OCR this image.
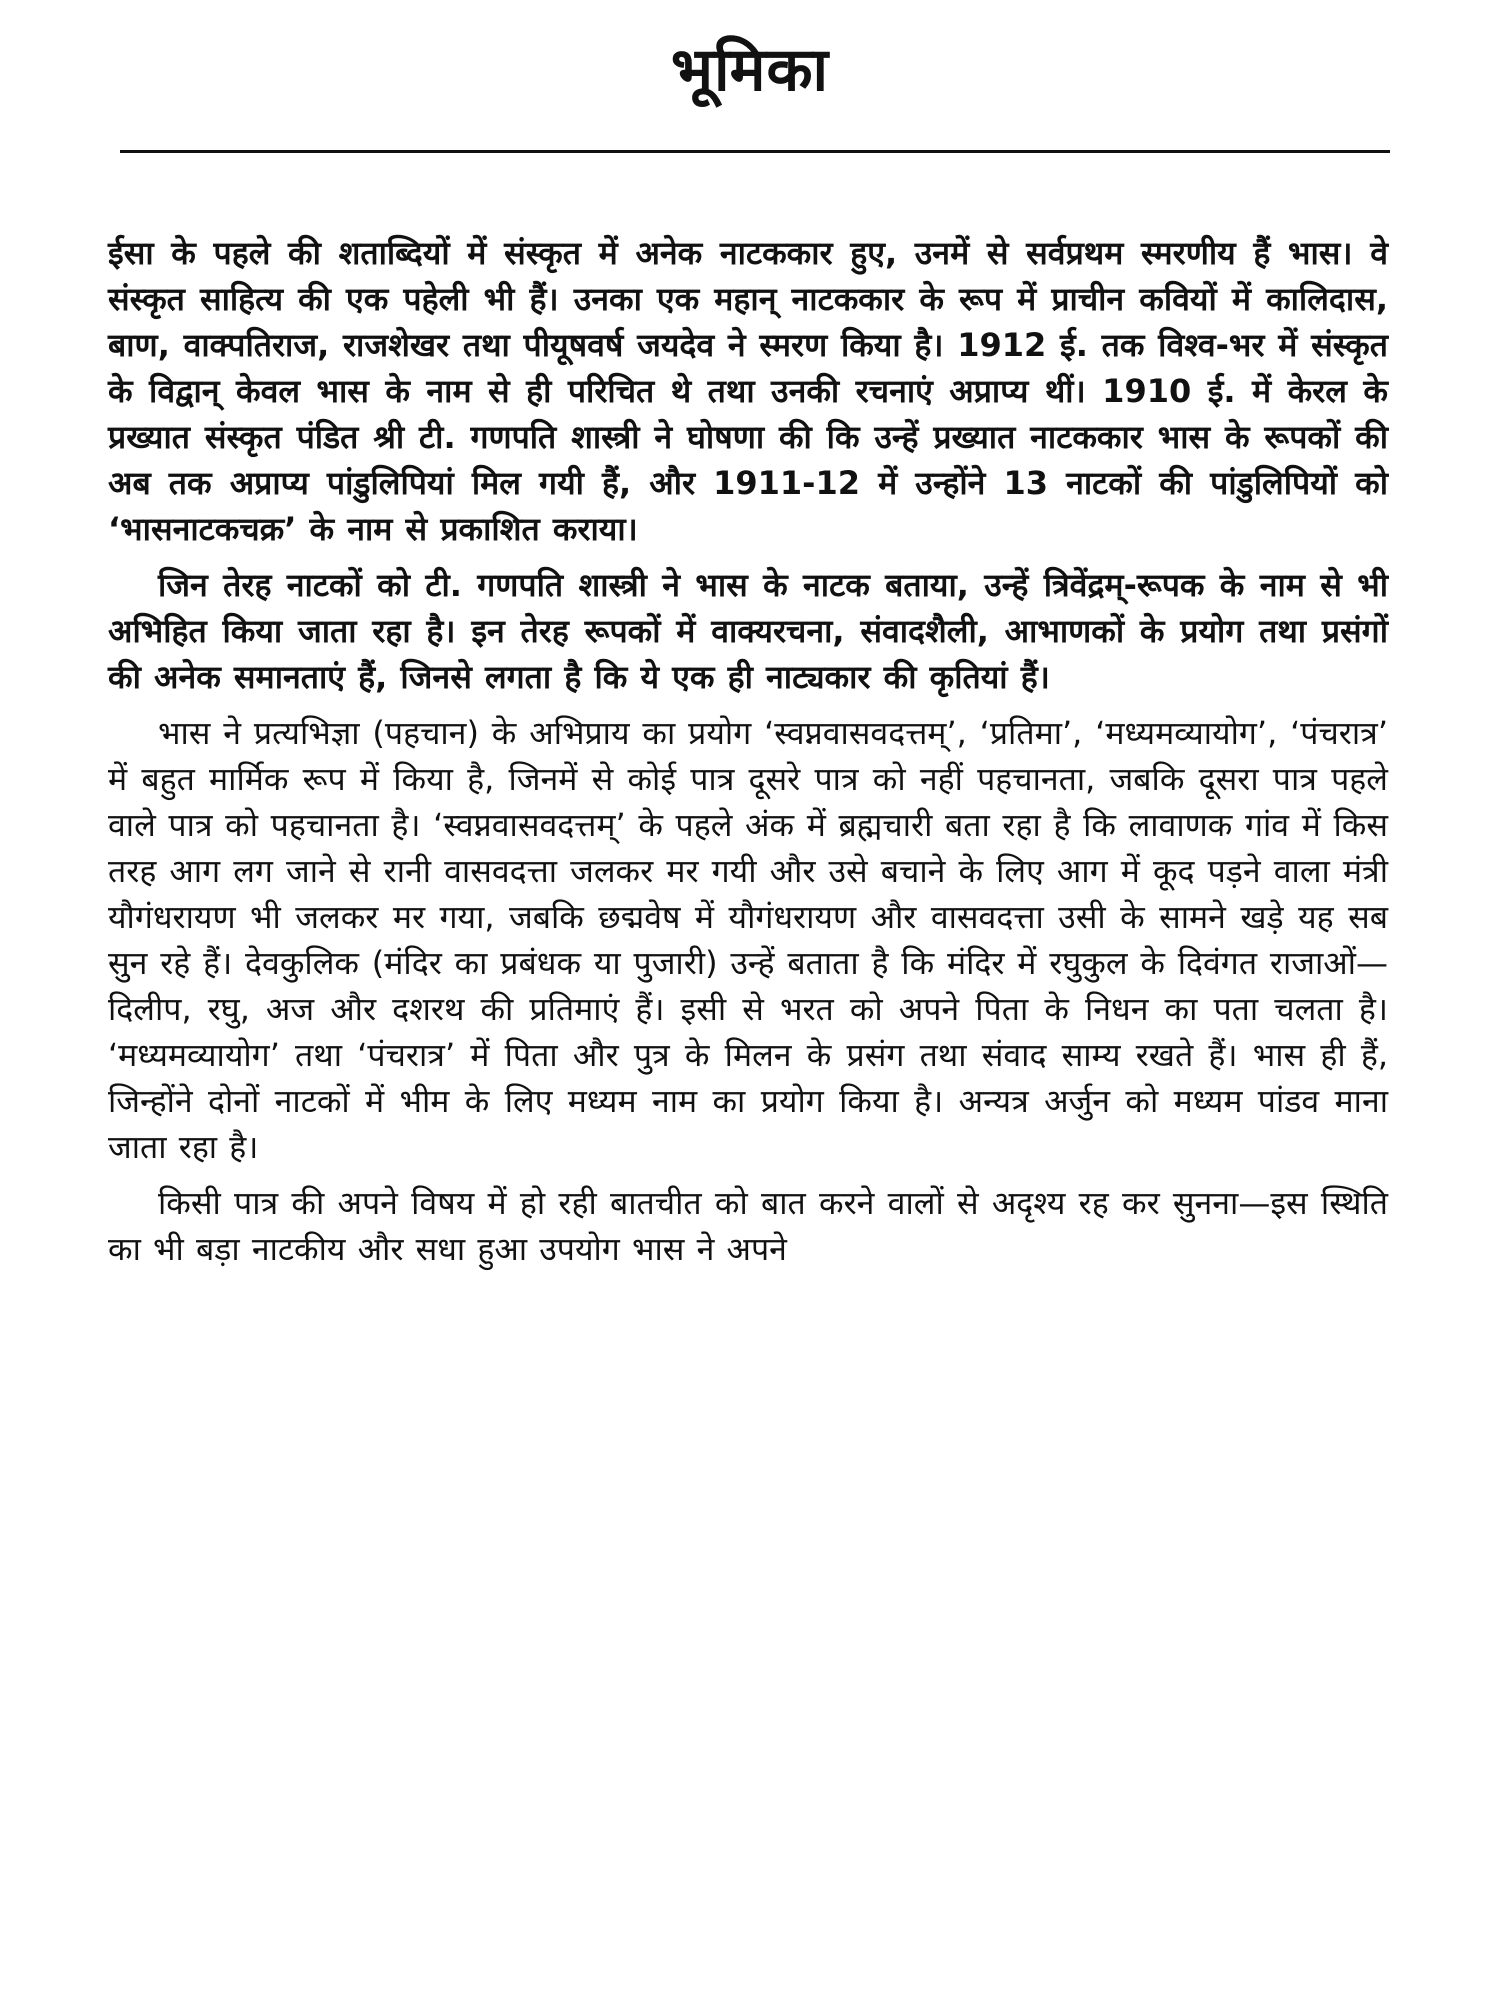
भूमिका

ईसा के पहले की शताब्दियों में संस्कृत में अनेक नाटककार हुए, उनमें से सर्वप्रथम स्मरणीय हैं भास। वे संस्कृत साहित्य की एक पहेली भी हैं। उनका एक महान् नाटककार के रूप में प्राचीन कवियों में कालिदास, बाण, वाक्पतिराज, राजशेखर तथा पीयूषवर्ष जयदेव ने स्मरण किया है। 1912 ई. तक विश्व-भर में संस्कृत के विद्वान् केवल भास के नाम से ही परिचित थे तथा उनकी रचनाएं अप्राप्य थीं। 1910 ई. में केरल के प्रख्यात संस्कृत पंडित श्री टी. गणपति शास्त्री ने घोषणा की कि उन्हें प्रख्यात नाटककार भास के रूपकों की अब तक अप्राप्य पांडुलिपियां मिल गयी हैं, और 1911-12 में उन्होंने 13 नाटकों की पांडुलिपियों को ‘भासनाटकचक्र’ के नाम से प्रकाशित कराया।

जिन तेरह नाटकों को टी. गणपति शास्त्री ने भास के नाटक बताया, उन्हें त्रिवेंद्रम्-रूपक के नाम से भी अभिहित किया जाता रहा है। इन तेरह रूपकों में वाक्यरचना, संवादशैली, आभाणकों के प्रयोग तथा प्रसंगों की अनेक समानताएं हैं, जिनसे लगता है कि ये एक ही नाट्यकार की कृतियां हैं।

भास ने प्रत्यभिज्ञा (पहचान) के अभिप्राय का प्रयोग ‘स्वप्नवासवदत्तम्’, ‘प्रतिमा’, ‘मध्यमव्यायोग’, ‘पंचरात्र’ में बहुत मार्मिक रूप में किया है, जिनमें से कोई पात्र दूसरे पात्र को नहीं पहचानता, जबकि दूसरा पात्र पहले वाले पात्र को पहचानता है। ‘स्वप्नवासवदत्तम्’ के पहले अंक में ब्रह्मचारी बता रहा है कि लावाणक गांव में किस तरह आग लग जाने से रानी वासवदत्ता जलकर मर गयी और उसे बचाने के लिए आग में कूद पड़ने वाला मंत्री यौगंधरायण भी जलकर मर गया, जबकि छद्मवेष में यौगंधरायण और वासवदत्ता उसी के सामने खड़े यह सब सुन रहे हैं। देवकुलिक (मंदिर का प्रबंधक या पुजारी) उन्हें बताता है कि मंदिर में रघुकुल के दिवंगत राजाओं—दिलीप, रघु, अज और दशरथ की प्रतिमाएं हैं। इसी से भरत को अपने पिता के निधन का पता चलता है। ‘मध्यमव्यायोग’ तथा ‘पंचरात्र’ में पिता और पुत्र के मिलन के प्रसंग तथा संवाद साम्य रखते हैं। भास ही हैं, जिन्होंने दोनों नाटकों में भीम के लिए मध्यम नाम का प्रयोग किया है। अन्यत्र अर्जुन को मध्यम पांडव माना जाता रहा है।

किसी पात्र की अपने विषय में हो रही बातचीत को बात करने वालों से अदृश्य रह कर सुनना—इस स्थिति का भी बड़ा नाटकीय और सधा हुआ उपयोग भास ने अपने
